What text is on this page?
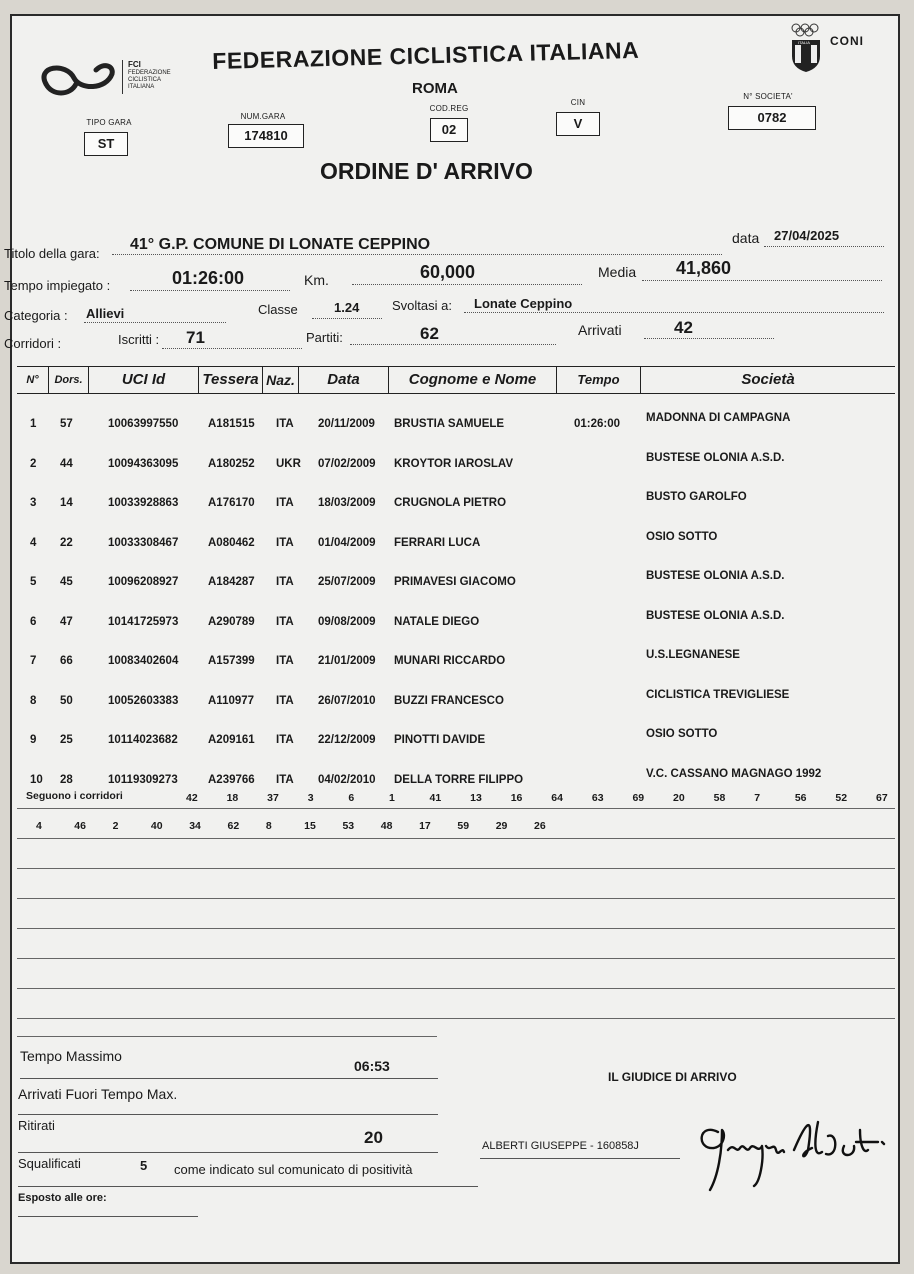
FCI
FEDERAZIONE
CICLISTICA
ITALIANA
FEDERAZIONE CICLISTICA ITALIANA
ROMA
ITALIA CONI
TIPO GARA
ST
NUM.GARA
174810
COD.REG
02
CIN
V
N° SOCIETA'
0782
ORDINE D' ARRIVO
Titolo della gara:
41° G.P. COMUNE DI LONATE CEPPINO	data 27/04/2025
Tempo impiegato :	01:26:00	Km.	60,000	Media 41,860
Categoria : Allievi	Classe	1.24	Svoltasi a: Lonate Ceppino
Corridori :	Iscritti : 71	Partiti:	62	Arrivati	42
N°	Dors.	UCI Id	Tessera Naz.	Data	Cognome e Nome	Tempo	Società
1 57	10063997550	A181515 ITA 20/11/2009 BRUSTIA SAMUELE	01:26:00 MADONNA DI CAMPAGNA
2 44	10094363095	A180252 UKR 07/02/2009 KROYTOR IAROSLAV	BUSTESE OLONIA A.S.D.
3 14	10033928863	A176170 ITA 18/03/2009 CRUGNOLA PIETRO	BUSTO GAROLFO
4 22	10033308467	A080462 ITA 01/04/2009 FERRARI LUCA	OSIO SOTTO
5 45	10096208927	A184287 ITA 25/07/2009 PRIMAVESI GIACOMO	BUSTESE OLONIA A.S.D.
6 47	10141725973	A290789 ITA 09/08/2009 NATALE DIEGO	BUSTESE OLONIA A.S.D.
7 66	10083402604	A157399 ITA 21/01/2009 MUNARI RICCARDO	U.S.LEGNANESE
8 50	10052603383	A110977 ITA 26/07/2010 BUZZI FRANCESCO	CICLISTICA TREVIGLIESE
9 25	10114023682	A209161 ITA 22/12/2009 PINOTTI DAVIDE	OSIO SOTTO
10 28	10119309273	A239766 ITA 04/02/2010 DELLA TORRE FILIPPO	V.C. CASSANO MAGNAGO 1992
Seguono i corridori	42	18	37	3	6	1	41	13	16	64	63	69	20	58	7	56	52	67
4	46	2	40	34	62	8	15	53	48	17	59	29	26
Tempo Massimo
06:53
Arrivati Fuori Tempo Max.
Ritirati
20
Squalificati	5 come indicato sul comunicato di positività
Esposto alle ore:
IL GIUDICE DI ARRIVO
ALBERTI GIUSEPPE - 160858J
